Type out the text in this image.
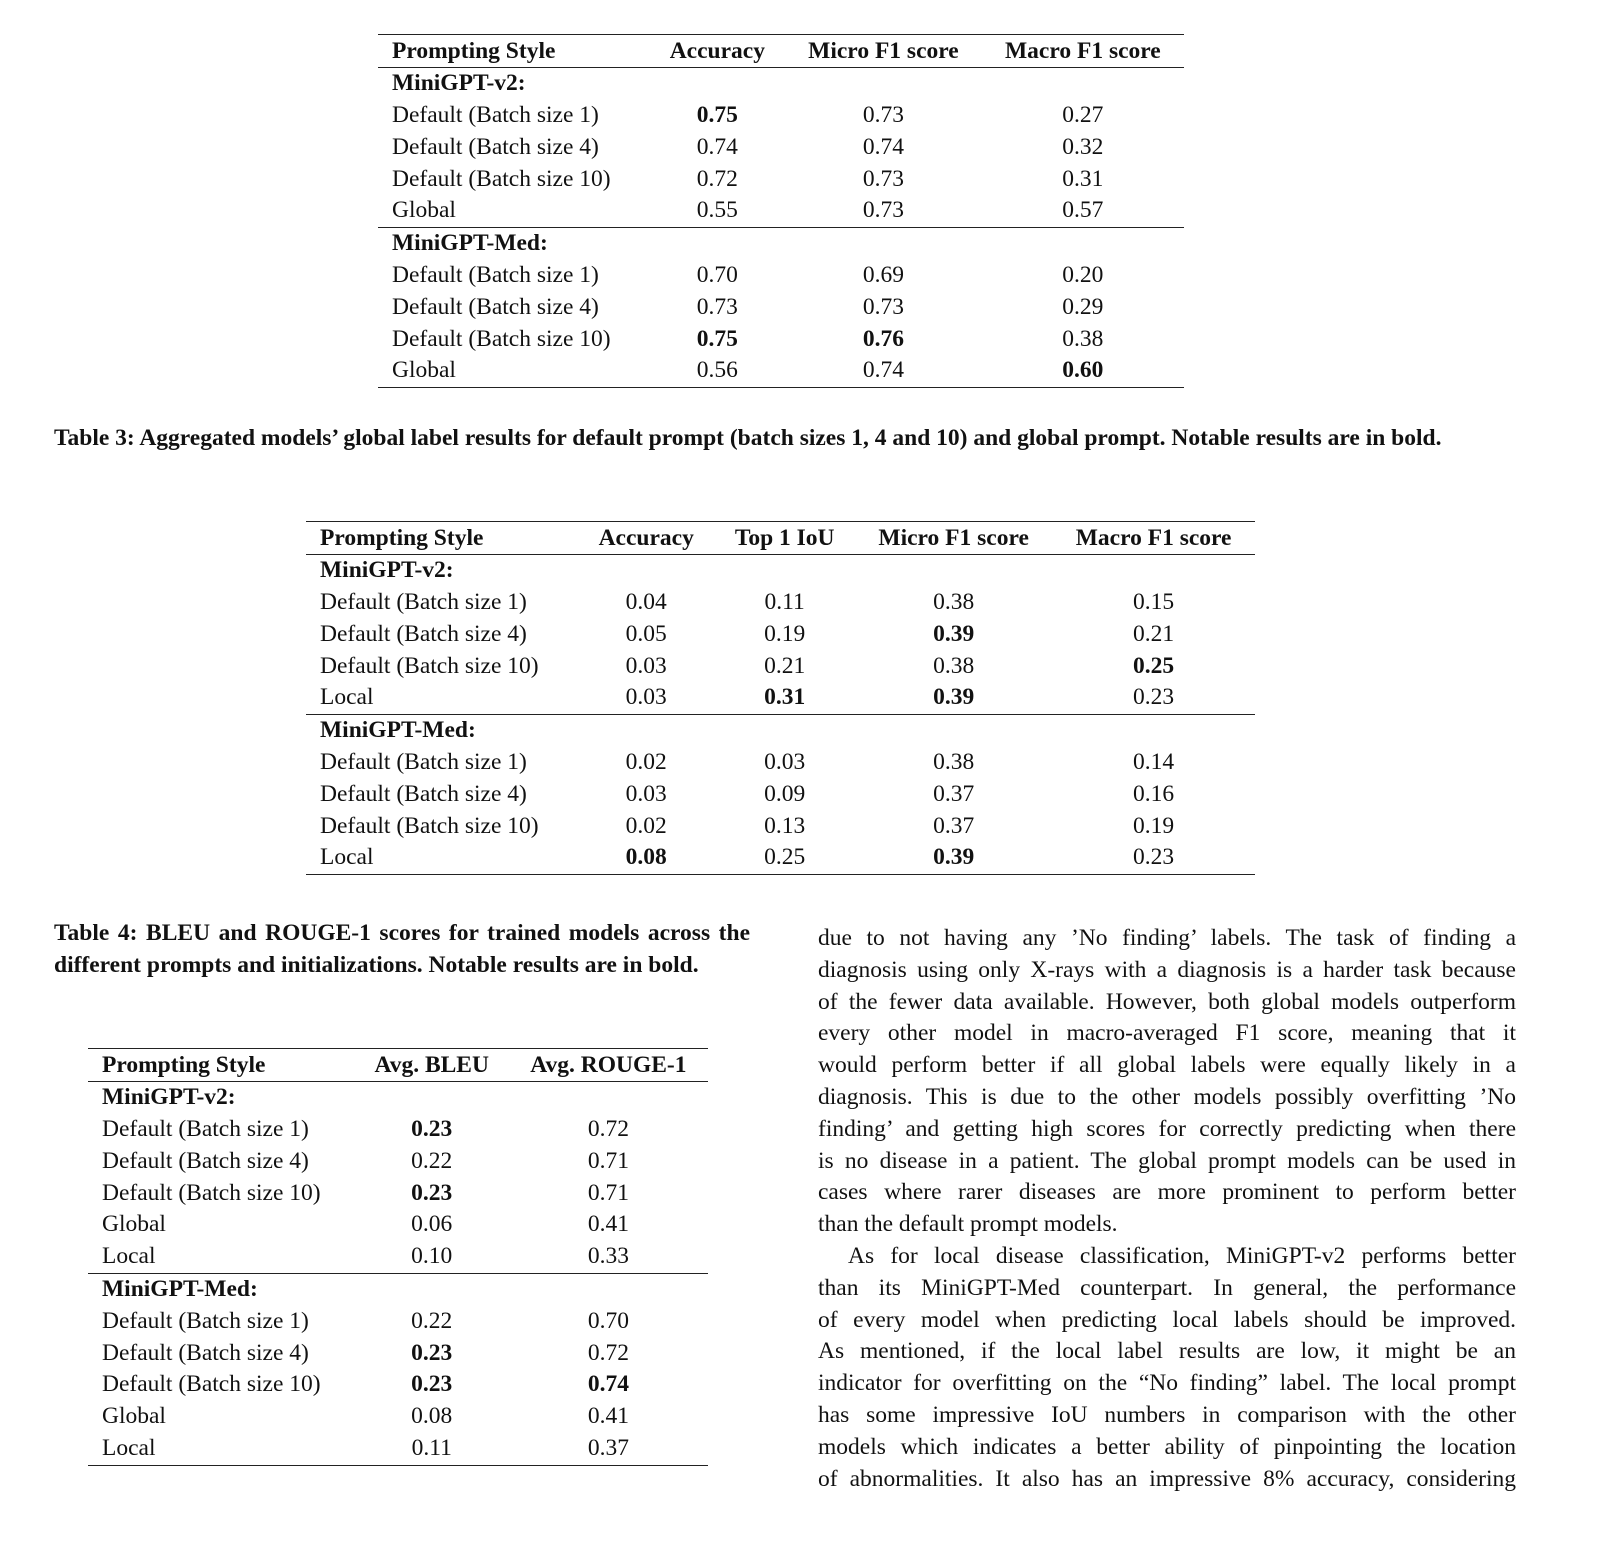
Prompting Style	Accuracy	Micro F1 score	Macro F1 score
MiniGPT-v2:			
Default (Batch size 1)	0.75	0.73	0.27
Default (Batch size 4)	0.74	0.74	0.32
Default (Batch size 10)	0.72	0.73	0.31
Global	0.55	0.73	0.57
MiniGPT-Med:			
Default (Batch size 1)	0.70	0.69	0.20
Default (Batch size 4)	0.73	0.73	0.29
Default (Batch size 10)	0.75	0.76	0.38
Global	0.56	0.74	0.60
Table 3: Aggregated models’ global label results for default prompt (batch sizes 1, 4 and 10) and global prompt. Notable results are in bold.
Prompting Style	Accuracy	Top 1 IoU	Micro F1 score	Macro F1 score
MiniGPT-v2:				
Default (Batch size 1)	0.04	0.11	0.38	0.15
Default (Batch size 4)	0.05	0.19	0.39	0.21
Default (Batch size 10)	0.03	0.21	0.38	0.25
Local	0.03	0.31	0.39	0.23
MiniGPT-Med:				
Default (Batch size 1)	0.02	0.03	0.38	0.14
Default (Batch size 4)	0.03	0.09	0.37	0.16
Default (Batch size 10)	0.02	0.13	0.37	0.19
Local	0.08	0.25	0.39	0.23
Table 4: BLEU and ROUGE-1 scores for trained models across the different prompts and initializations. Notable results are in bold.
Prompting Style	Avg. BLEU	Avg. ROUGE-1
MiniGPT-v2:		
Default (Batch size 1)	0.23	0.72
Default (Batch size 4)	0.22	0.71
Default (Batch size 10)	0.23	0.71
Global	0.06	0.41
Local	0.10	0.33
MiniGPT-Med:		
Default (Batch size 1)	0.22	0.70
Default (Batch size 4)	0.23	0.72
Default (Batch size 10)	0.23	0.74
Global	0.08	0.41
Local	0.11	0.37
due to not having any ’No finding’ labels. The task of finding a
diagnosis using only X-rays with a diagnosis is a harder task because
of the fewer data available. However, both global models outperform
every other model in macro-averaged F1 score, meaning that it
would perform better if all global labels were equally likely in a
diagnosis. This is due to the other models possibly overfitting ’No
finding’ and getting high scores for correctly predicting when there
is no disease in a patient. The global prompt models can be used in
cases where rarer diseases are more prominent to perform better
than the default prompt models.
As for local disease classification, MiniGPT-v2 performs better
than its MiniGPT-Med counterpart. In general, the performance
of every model when predicting local labels should be improved.
As mentioned, if the local label results are low, it might be an
indicator for overfitting on the “No finding” label. The local prompt
has some impressive IoU numbers in comparison with the other
models which indicates a better ability of pinpointing the location
of abnormalities. It also has an impressive 8% accuracy, considering
